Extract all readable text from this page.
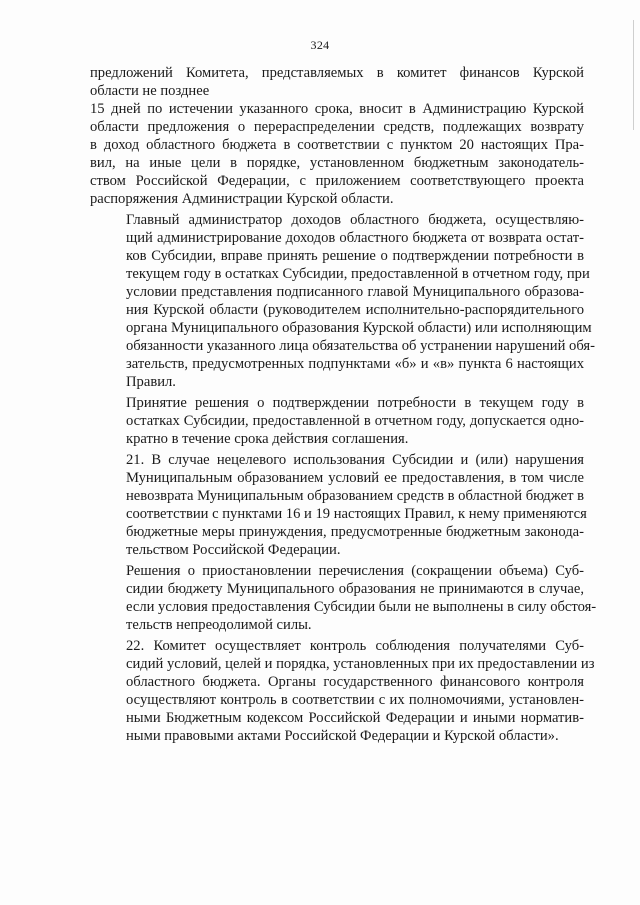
324

предложений Комитета, представляемых в комитет финансов Курской
области не позднее

15 дней по истечении указанного срока, вносит в Администрацию Курской
области предложения о перераспределении средств, подлежащих возврату
в доход областного бюджета в соответствии с пунктом 20 настоящих Пра-
вил, на иные цели в порядке, установленном бюджетным законодатель-
ством Российской Федерации, с приложением соответствующего проекта
распоряжения Администрации Курской области.

Главный администратор доходов областного бюджета, осуществляю-
щий администрирование доходов областного бюджета от возврата остат-
ков Субсидии, вправе принять решение о подтверждении потребности в
текущем году в остатках Субсидии, предоставленной в отчетном году, при
условии представления подписанного главой Муниципального образова-
ния Курской области (руководителем исполнительно-распорядительного
органа Муниципального образования Курской области) или исполняющим
обязанности указанного лица обязательства об устранении нарушений обя-
зательств, предусмотренных подпунктами «б» и «в» пункта 6 настоящих
Правил.

Принятие решения о подтверждении потребности в текущем году в
остатках Субсидии, предоставленной в отчетном году, допускается одно-
кратно в течение срока действия соглашения.

21. В случае нецелевого использования Субсидии и (или) нарушения
Муниципальным образованием условий ее предоставления, в том числе
невозврата Муниципальным образованием средств в областной бюджет в
соответствии с пунктами 16 и 19 настоящих Правил, к нему применяются
бюджетные меры принуждения, предусмотренные бюджетным законода-
тельством Российской Федерации.

Решения о приостановлении перечисления (сокращении объема) Суб-
сидии бюджету Муниципального образования не принимаются в случае,
если условия предоставления Субсидии были не выполнены в силу обстоя-
тельств непреодолимой силы.

22. Комитет осуществляет контроль соблюдения получателями Суб-
сидий условий, целей и порядка, установленных при их предоставлении из
областного бюджета. Органы государственного финансового контроля
осуществляют контроль в соответствии с их полномочиями, установлен-
ными Бюджетным кодексом Российской Федерации и иными норматив-
ными правовыми актами Российской Федерации и Курской области».
